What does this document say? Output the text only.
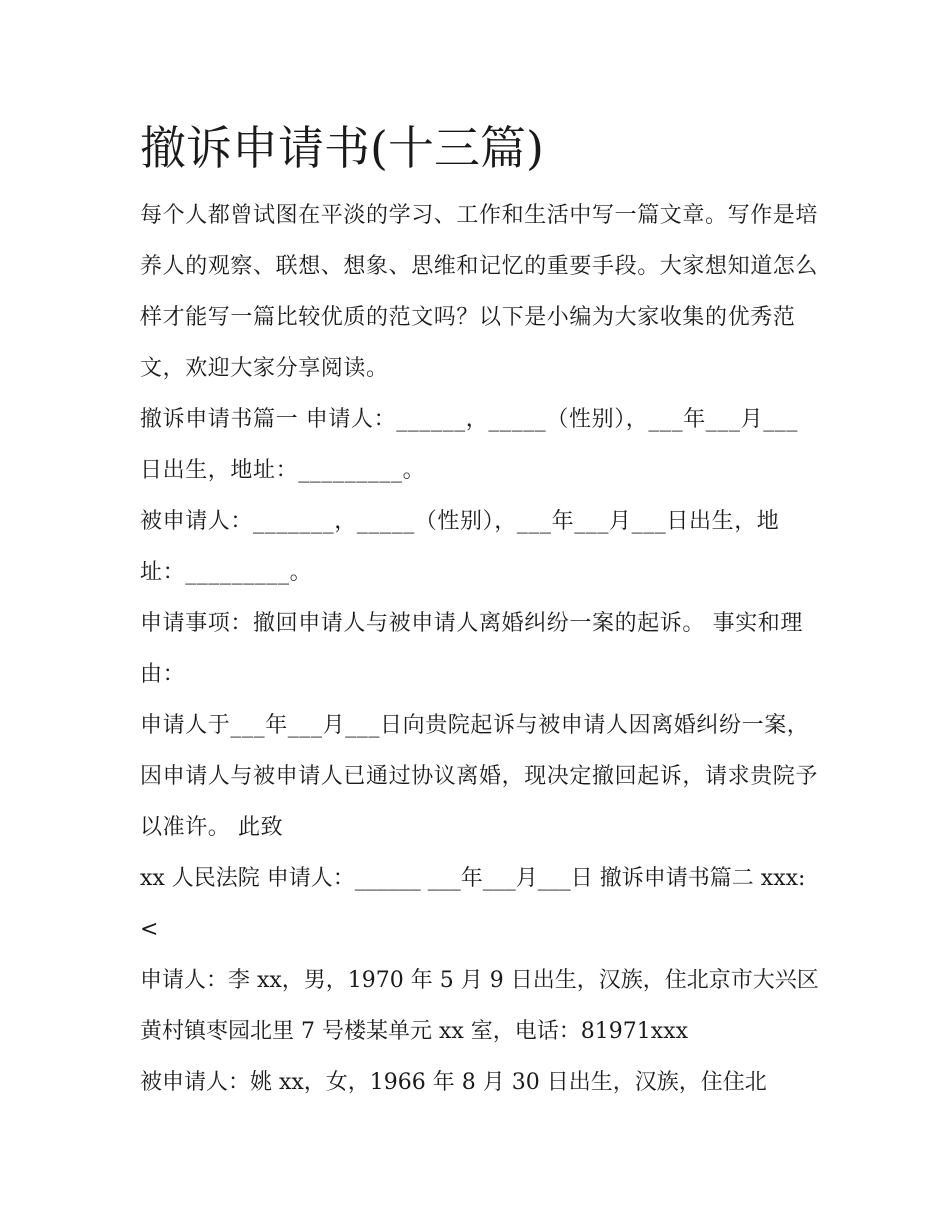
撤诉申请书(十三篇)

每个人都曾试图在平淡的学习、工作和生活中写一篇文章。写作是培养人的观察、联想、想象、思维和记忆的重要手段。大家想知道怎么样才能写一篇比较优质的范文吗？以下是小编为大家收集的优秀范文，欢迎大家分享阅读。

撤诉申请书篇一 申请人：______，_____（性别），___年___月___日出生，地址：_________。

被申请人：_______，_____（性别），___年___月___日出生，地址：_________。

申请事项：撤回申请人与被申请人离婚纠纷一案的起诉。 事实和理由：

申请人于___年___月___日向贵院起诉与被申请人因离婚纠纷一案，因申请人与被申请人已通过协议离婚，现决定撤回起诉，请求贵院予以准许。 此致

xx 人民法院 申请人：______ ___年___月___日 撤诉申请书篇二 xxx:<

申请人：李 xx，男，1970 年 5 月 9 日出生，汉族，住北京市大兴区黄村镇枣园北里 7 号楼某单元 xx 室，电话：81971xxx

被申请人：姚 xx，女，1966 年 8 月 30 日出生，汉族，住住北
